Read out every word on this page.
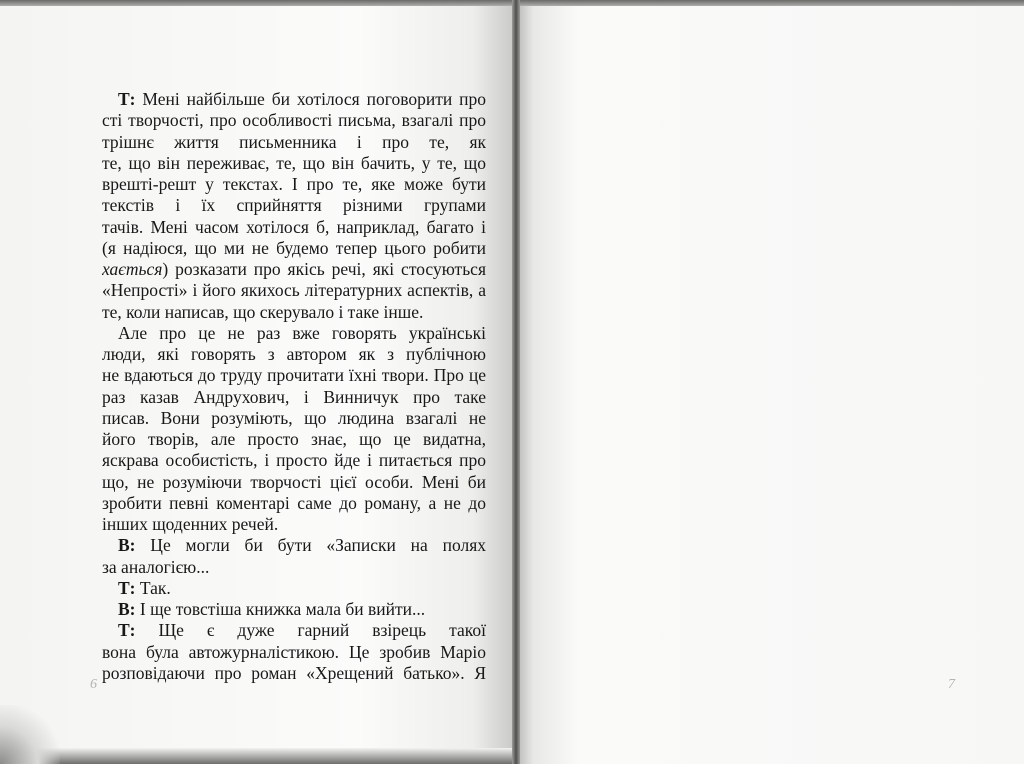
Т: Мені найбільше би хотілося поговорити про
сті творчості, про особливості письма, взагалі про
трішнє життя письменника і про те, як
те, що він переживає, те, що він бачить, у те, що
врешті-решт у текстах. І про те, яке може бути
текстів і їх сприйняття різними групами
тачів. Мені часом хотілося б, наприклад, багато і
(я надіюся, що ми не будемо тепер цього робити
хається) розказати про якісь речі, які стосуються
«Непрості» і його якихось літературних аспектів, а
те, коли написав, що скерувало і таке інше.
Але про це не раз вже говорять українські
люди, які говорять з автором як з публічною
не вдаються до труду прочитати їхні твори. Про це
раз казав Андрухович, і Винничук про таке
писав. Вони розуміють, що людина взагалі не
його творів, але просто знає, що це видатна,
яскрава особистість, і просто йде і питається про
що, не розуміючи творчості цієї особи. Мені би
зробити певні коментарі саме до роману, а не до
інших щоденних речей.
В: Це могли би бути «Записки на полях
за аналогією...
Т: Так.
В: І ще товстіша книжка мала би вийти...
Т: Ще є дуже гарний взірець такої
вона була автожурналістикою. Це зробив Маріо
розповідаючи про роман «Хрещений батько». Я
6	7
